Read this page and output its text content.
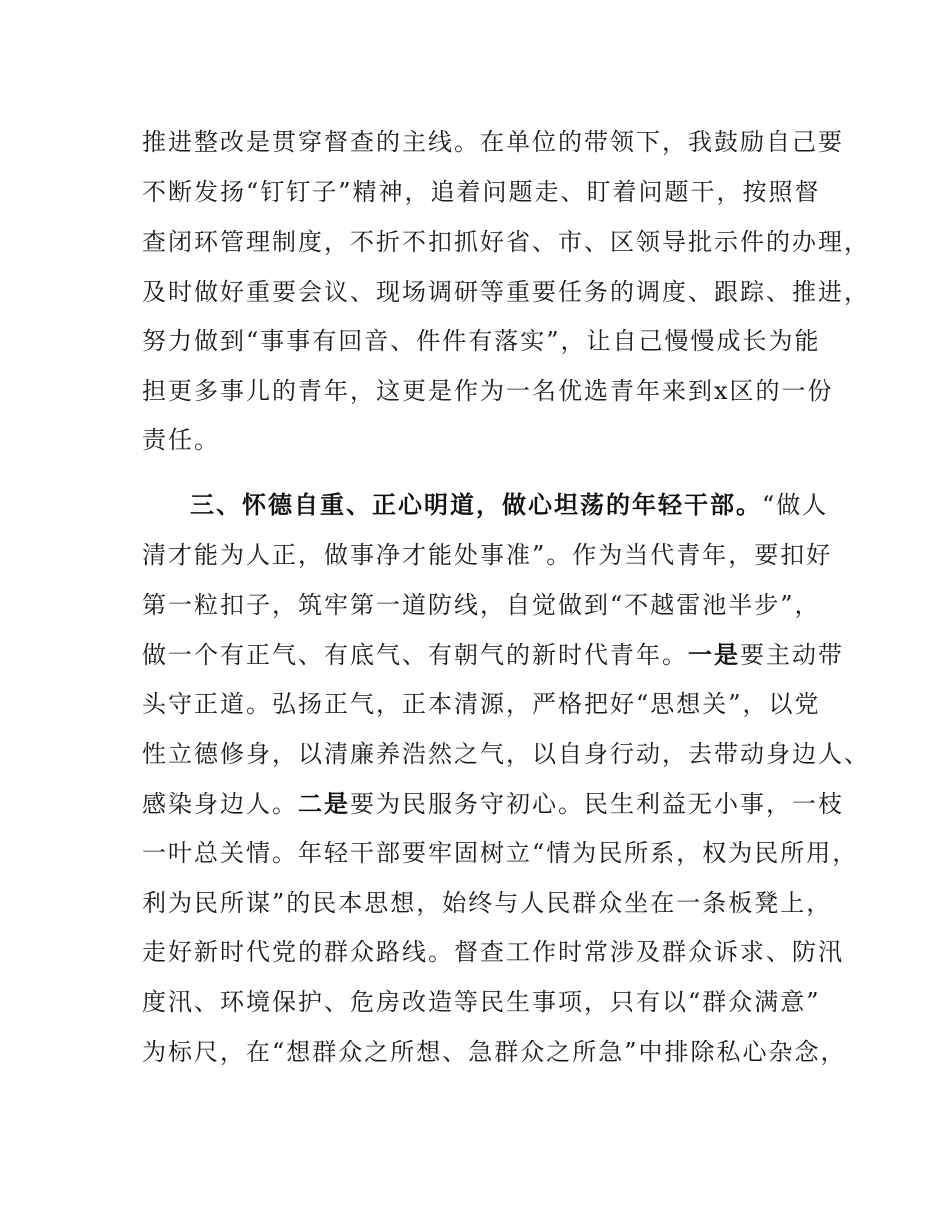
推进整改是贯穿督查的主线。在单位的带领下，我鼓励自己要
不断发扬“钉钉子”精神，追着问题走、盯着问题干，按照督
查闭环管理制度，不折不扣抓好省、市、区领导批示件的办理，
及时做好重要会议、现场调研等重要任务的调度、跟踪、推进，
努力做到“事事有回音、件件有落实”，让自己慢慢成长为能
担更多事儿的青年，这更是作为一名优选青年来到x区的一份
责任。
三、怀德自重、正心明道，做心坦荡的年轻干部。“做人
清才能为人正，做事净才能处事准”。作为当代青年，要扣好
第一粒扣子，筑牢第一道防线，自觉做到“不越雷池半步”，
做一个有正气、有底气、有朝气的新时代青年。一是要主动带
头守正道。弘扬正气，正本清源，严格把好“思想关”，以党
性立德修身，以清廉养浩然之气，以自身行动，去带动身边人、
感染身边人。二是要为民服务守初心。民生利益无小事，一枝
一叶总关情。年轻干部要牢固树立“情为民所系，权为民所用，
利为民所谋”的民本思想，始终与人民群众坐在一条板凳上，
走好新时代党的群众路线。督查工作时常涉及群众诉求、防汛
度汛、环境保护、危房改造等民生事项，只有以“群众满意”
为标尺，在“想群众之所想、急群众之所急”中排除私心杂念，
